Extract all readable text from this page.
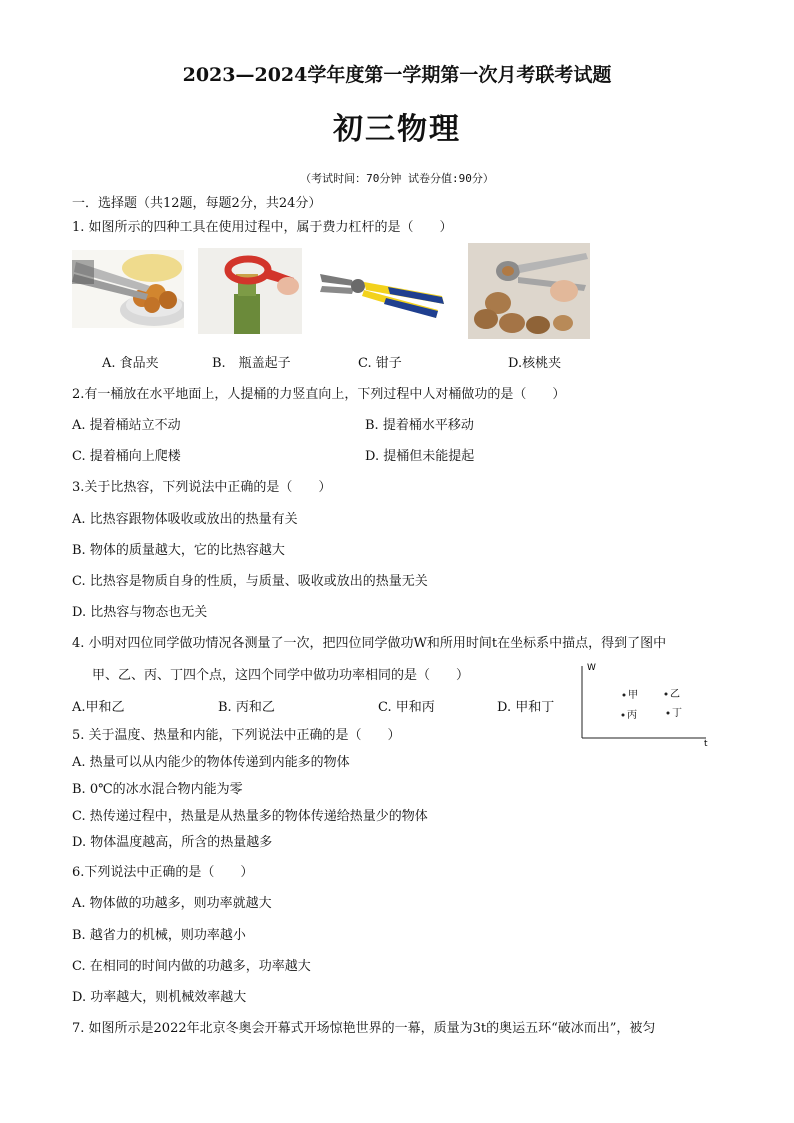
2023—2024学年度第一学期第一次月考联考试题
初三物理
（考试时间：70分钟 试卷分值:90分）
一．选择题（共12题，每题2分，共24分）
1. 如图所示的四种工具在使用过程中，属于费力杠杆的是（　　）
A. 食品夹	B.　瓶盖起子	C. 钳子	D.核桃夹
2.有一桶放在水平地面上，人提桶的力竖直向上，下列过程中人对桶做功的是（　　）
A. 提着桶站立不动	B. 提着桶水平移动
C. 提着桶向上爬楼	D. 提桶但未能提起
3.关于比热容，下列说法中正确的是（　　）
A. 比热容跟物体吸收或放出的热量有关
B. 物体的质量越大，它的比热容越大
C. 比热容是物质自身的性质，与质量、吸收或放出的热量无关
D. 比热容与物态也无关
4. 小明对四位同学做功情况各测量了一次，把四位同学做功W和所用时间t在坐标系中描点，得到了图中
甲、乙、丙、丁四个点，这四个同学中做功功率相同的是（　　）
A.甲和乙	B. 丙和乙	C. 甲和丙	D. 甲和丁
W
t
甲	乙
丙	丁
5. 关于温度、热量和内能，下列说法中正确的是（　　）
A. 热量可以从内能少的物体传递到内能多的物体
B. 0℃的冰水混合物内能为零
C. 热传递过程中，热量是从热量多的物体传递给热量少的物体
D. 物体温度越高，所含的热量越多
6.下列说法中正确的是（　　）
A. 物体做的功越多，则功率就越大
B. 越省力的机械，则功率越小
C. 在相同的时间内做的功越多，功率越大
D. 功率越大，则机械效率越大
7. 如图所示是2022年北京冬奥会开幕式开场惊艳世界的一幕，质量为3t的奥运五环“破冰而出”，被匀
